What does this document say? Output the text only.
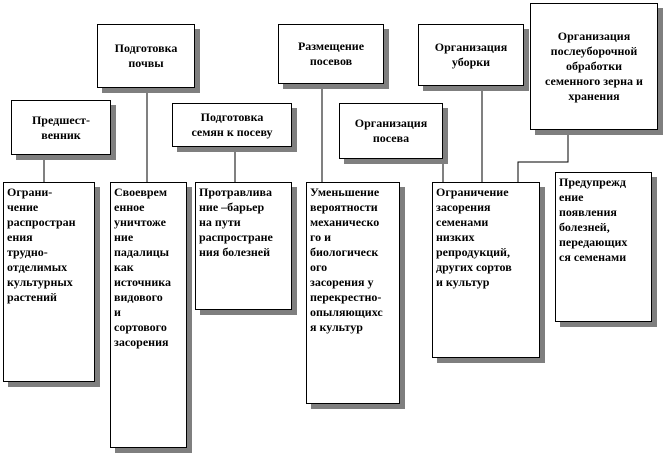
Предшест-
венник
Подготовка
почвы
Подготовка
семян к посеву
Размещение
посевов
Организация
посева
Организация
уборки
Организация
послеуборочной
обработки
семенного зерна и
хранения
Ограни-
чение
распростран
ения
трудно-
отделимых
культурных
растений
Своеврем
енное
уничтоже
ние
падалицы
как
источника
видового
и
сортового
засорения
Протравлива
ние –барьер
на пути
распростране
ния болезней
Уменьшение
вероятности
механическо
го и
биологическ
ого
засорения у
перекрестно-
опыляющихс
я культур
Ограничение
засорения
семенами
низких
репродукций,
других сортов
и культур
Предупрежд
ение
появления
болезней,
передающих
ся семенами
